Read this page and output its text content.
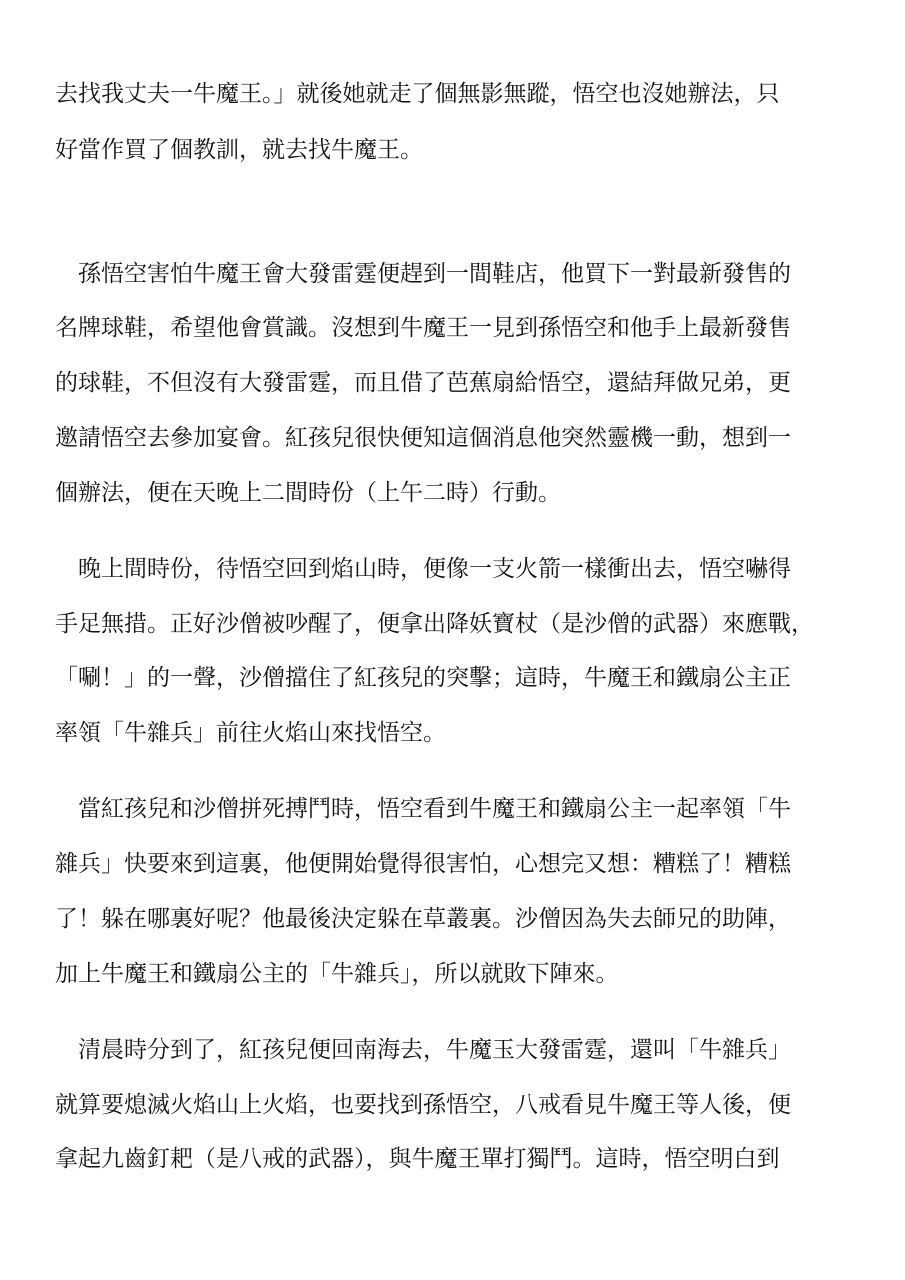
去找我丈夫一牛魔王。」就後她就走了個無影無蹤，悟空也沒她辦法，只
好當作買了個教訓，就去找牛魔王。
　孫悟空害怕牛魔王會大發雷霆便趕到一間鞋店，他買下一對最新發售的
名牌球鞋，希望他會賞識。沒想到牛魔王一見到孫悟空和他手上最新發售
的球鞋，不但沒有大發雷霆，而且借了芭蕉扇給悟空，還結拜做兄弟，更
邀請悟空去參加宴會。紅孩兒很快便知這個消息他突然靈機一動，想到一
個辦法，便在天晚上二間時份（上午二時）行動。
　晚上間時份，待悟空回到焰山時，便像一支火箭一樣衝出去，悟空嚇得
手足無措。正好沙僧被吵醒了，便拿出降妖寶杖（是沙僧的武器）來應戰，
「唰！」的一聲，沙僧擋住了紅孩兒的突擊；這時，牛魔王和鐵扇公主正
率領「牛雜兵」前往火焰山來找悟空。
　當紅孩兒和沙僧拼死搏鬥時，悟空看到牛魔王和鐵扇公主一起率領「牛
雜兵」快要來到這裏，他便開始覺得很害怕，心想完又想：糟糕了！糟糕
了！躲在哪裏好呢？他最後決定躲在草叢裏。沙僧因為失去師兄的助陣，
加上牛魔王和鐵扇公主的「牛雜兵」，所以就敗下陣來。
　清晨時分到了，紅孩兒便回南海去，牛魔玉大發雷霆，還叫「牛雜兵」
就算要熄滅火焰山上火焰，也要找到孫悟空，八戒看見牛魔王等人後，便
拿起九齒釘耙（是八戒的武器），與牛魔王單打獨鬥。這時，悟空明白到
